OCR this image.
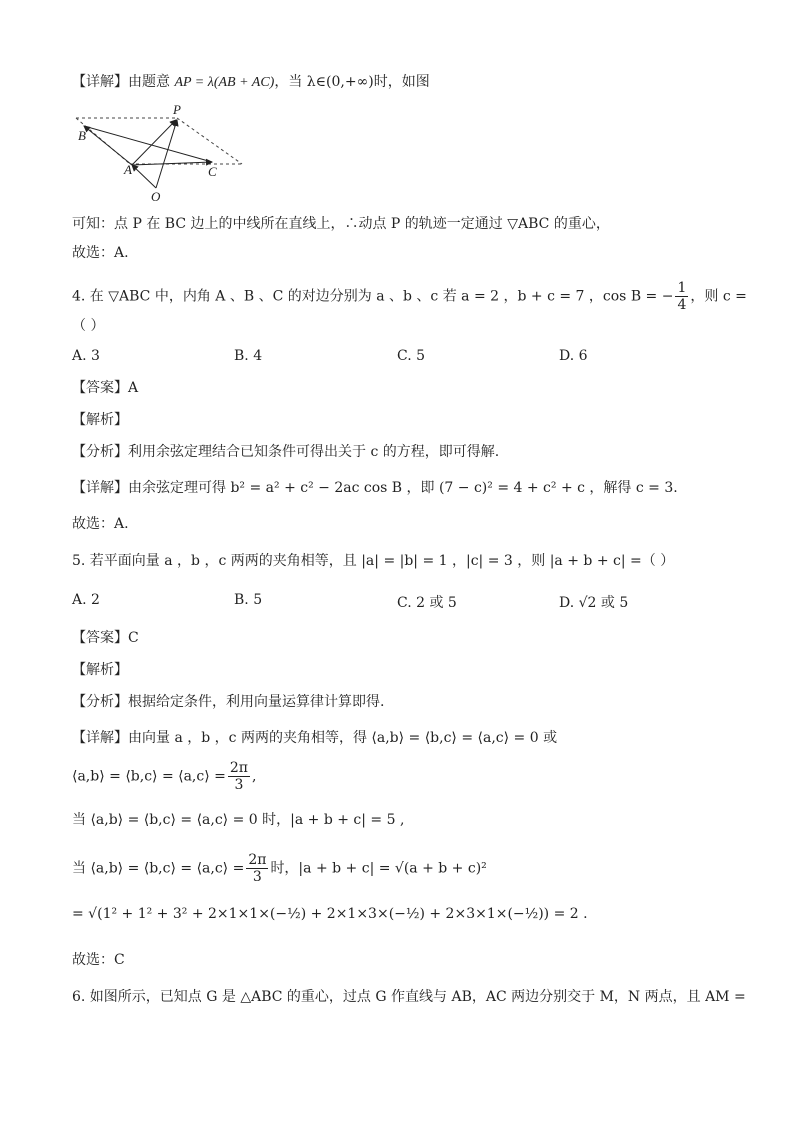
【详解】由题意 AP = λ(AB + AC)，当 λ∈(0,+∞)时，如图
P
B
A	C
O
可知：点 P 在 BC 边上的中线所在直线上，∴动点 P 的轨迹一定通过 ▽ABC 的重心，
故选：A.
4. 在 ▽ABC 中，内角 A 、B 、C 的对边分别为 a 、b 、c 若 a = 2 ，b + c = 7 ，cos B = − $\frac{1}{4}$ ，则 c =
（ ）
A. 3	B. 4	C. 5	D. 6
【答案】A
【解析】
【分析】利用余弦定理结合已知条件可得出关于 c 的方程，即可得解.
【详解】由余弦定理可得 b² = a² + c² − 2ac cos B ，即 (7 − c)² = 4 + c² + c ，解得 c = 3.
故选：A.
5. 若平面向量 a ，b ，c 两两的夹角相等，且 |a| = |b| = 1 ，|c| = 3 ，则 |a + b + c| =（ ）
A. 2	B. 5	C. 2 或 5	D. √2 或 5
【答案】C
【解析】
【分析】根据给定条件，利用向量运算律计算即得.
【详解】由向量 a ，b ，c 两两的夹角相等，得 ⟨a,b⟩ = ⟨b,c⟩ = ⟨a,c⟩ = 0 或
⟨a,b⟩ = ⟨b,c⟩ = ⟨a,c⟩ = $\frac{2\pi}{3}$ ,
当 ⟨a,b⟩ = ⟨b,c⟩ = ⟨a,c⟩ = 0 时，|a + b + c| = 5 ,
当 ⟨a,b⟩ = ⟨b,c⟩ = ⟨a,c⟩ = $\frac{2\pi}{3}$ 时，|a + b + c| = √(a + b + c)²
= √(1² + 1² + 3² + 2×1×1×(−½) + 2×1×3×(−½) + 2×3×1×(−½)) = 2 .
故选：C
6. 如图所示，已知点 G 是 △ABC 的重心，过点 G 作直线与 AB，AC 两边分别交于 M，N 两点，且 AM =
